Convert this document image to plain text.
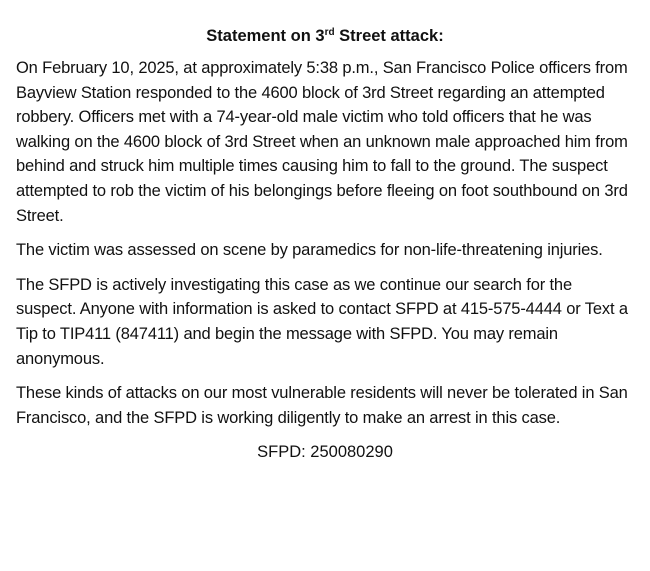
Statement on 3rd Street attack:

On February 10, 2025, at approximately 5:38 p.m., San Francisco Police officers from Bayview Station responded to the 4600 block of 3rd Street regarding an attempted robbery. Officers met with a 74-year-old male victim who told officers that he was walking on the 4600 block of 3rd Street when an unknown male approached him from behind and struck him multiple times causing him to fall to the ground. The suspect attempted to rob the victim of his belongings before fleeing on foot southbound on 3rd Street.

The victim was assessed on scene by paramedics for non-life-threatening injuries.

The SFPD is actively investigating this case as we continue our search for the suspect. Anyone with information is asked to contact SFPD at 415-575-4444 or Text a Tip to TIP411 (847411) and begin the message with SFPD. You may remain anonymous.

These kinds of attacks on our most vulnerable residents will never be tolerated in San Francisco, and the SFPD is working diligently to make an arrest in this case.

SFPD: 250080290
